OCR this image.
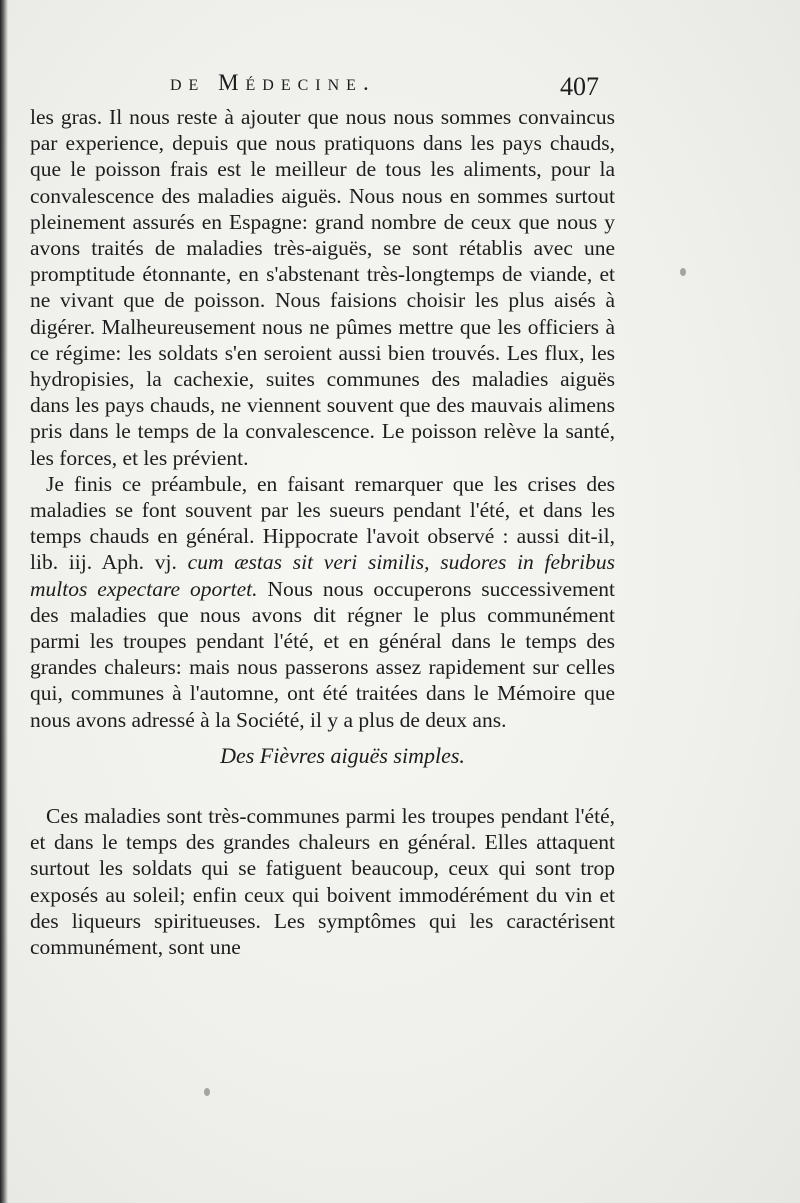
de Médecine.	407

les gras. Il nous reste à ajouter que nous nous sommes convaincus par experience, depuis que nous pratiquons dans les pays chauds, que le poisson frais est le meilleur de tous les aliments, pour la convalescence des maladies aiguës. Nous nous en sommes surtout pleinement assurés en Espagne: grand nombre de ceux que nous y avons traités de maladies très-aiguës, se sont rétablis avec une promptitude étonnante, en s'abstenant très-longtemps de viande, et ne vivant que de poisson. Nous faisions choisir les plus aisés à digérer. Malheureusement nous ne pûmes mettre que les officiers à ce régime: les soldats s'en seroient aussi bien trouvés. Les flux, les hydropisies, la cachexie, suites communes des maladies aiguës dans les pays chauds, ne viennent souvent que des mauvais alimens pris dans le temps de la convalescence. Le poisson relève la santé, les forces, et les prévient.

Je finis ce préambule, en faisant remarquer que les crises des maladies se font souvent par les sueurs pendant l'été, et dans les temps chauds en général. Hippocrate l'avoit observé : aussi dit-il, lib. iij. Aph. vj. cum æstas sit veri similis, sudores in febribus multos expectare oportet. Nous nous occuperons successivement des maladies que nous avons dit régner le plus communément parmi les troupes pendant l'été, et en général dans le temps des grandes chaleurs: mais nous passerons assez rapidement sur celles qui, communes à l'automne, ont été traitées dans le Mémoire que nous avons adressé à la Société, il y a plus de deux ans.

Des Fièvres aiguës simples.

Ces maladies sont très-communes parmi les troupes pendant l'été, et dans le temps des grandes chaleurs en général. Elles attaquent surtout les soldats qui se fatiguent beaucoup, ceux qui sont trop exposés au soleil; enfin ceux qui boivent immodérément du vin et des liqueurs spiritueuses. Les symptômes qui les caractérisent communément, sont une
